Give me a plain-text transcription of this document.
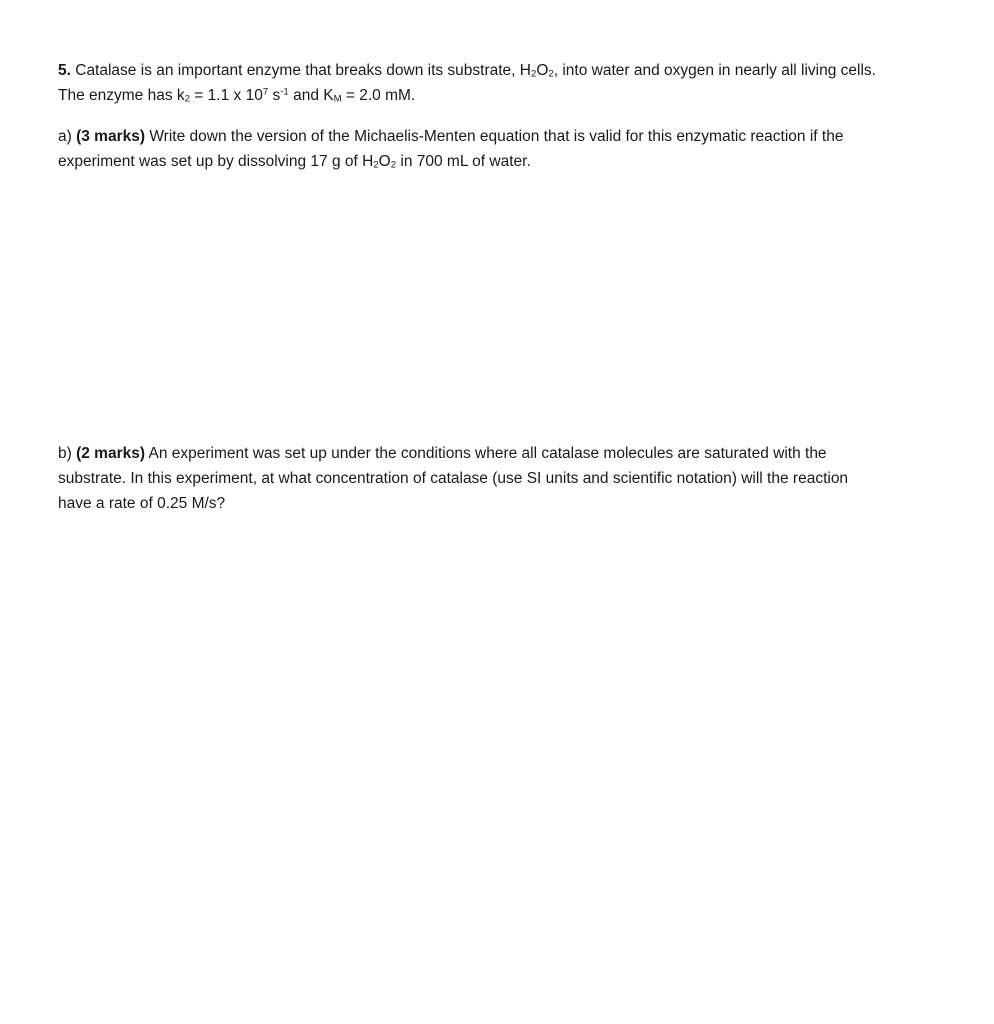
5. Catalase is an important enzyme that breaks down its substrate, $H_2O_2$, into water and oxygen in nearly all living cells.
The enzyme has $k_2 = 1.1$ x $10^7$ $s^{-1}$ and $K_M = 2.0$ mM.
a) (3 marks) Write down the version of the Michaelis-Menten equation that is valid for this enzymatic reaction if the
experiment was set up by dissolving 17 g of $H_2O_2$ in 700 mL of water.
b) (2 marks) An experiment was set up under the conditions where all catalase molecules are saturated with the
substrate. In this experiment, at what concentration of catalase (use SI units and scientific notation) will the reaction
have a rate of 0.25 M/s?
